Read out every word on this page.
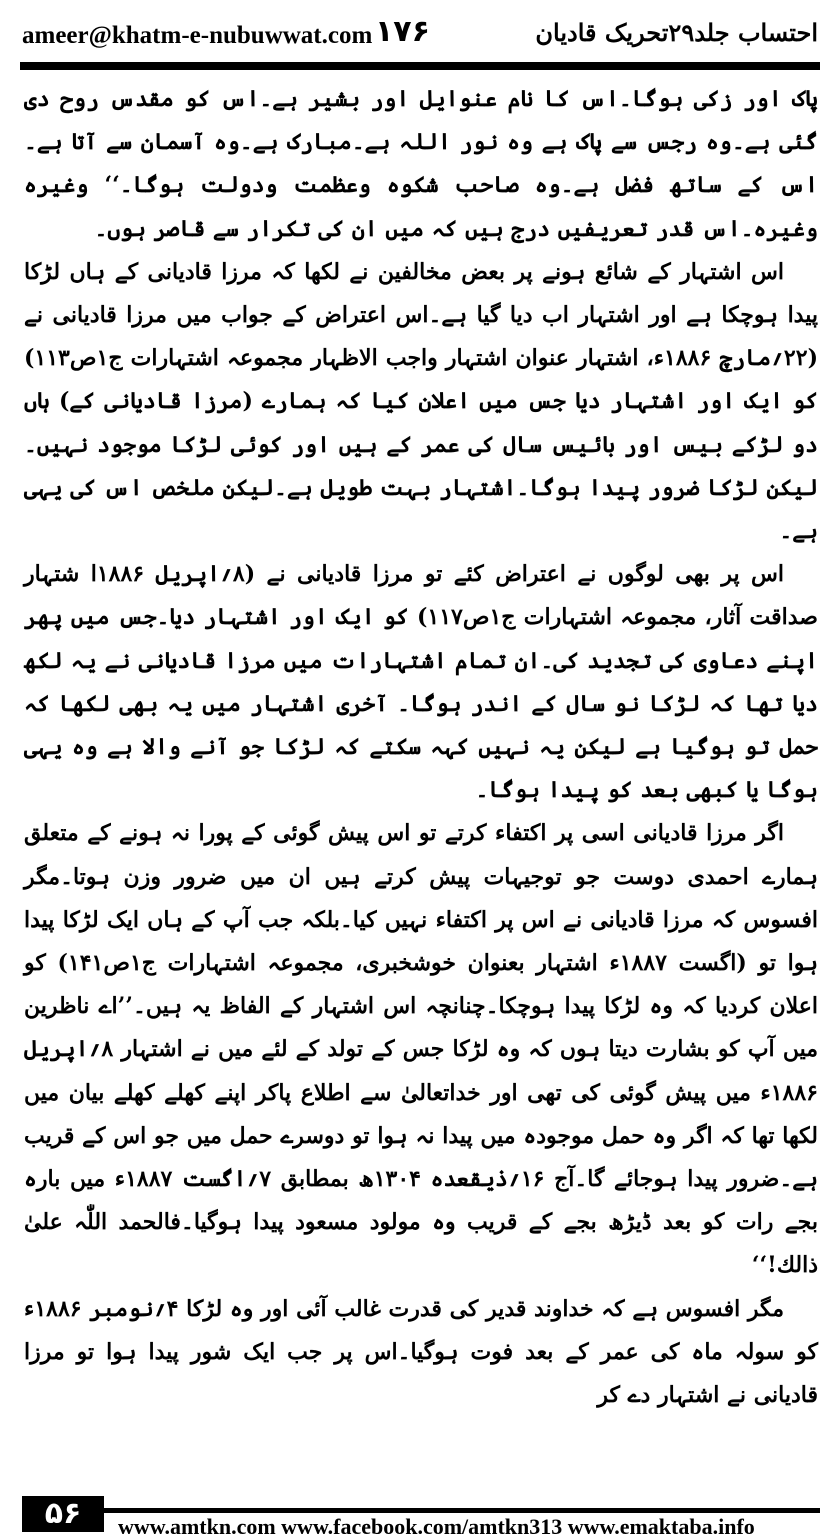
ameer@khatm-e-nubuwwat.com ۱۷۶	احتساب جلد۲۹تحریک قادیان

پاک اور زکی ہوگا۔اس کا نام عنوایل اور بشیر ہے۔اس کو مقدس روح دی گئی ہے۔وہ رجس سے پاک ہے وہ نور اللہ ہے۔مبارک ہے۔وہ آسمان سے آتا ہے۔اس کے ساتھ فضل ہے۔وہ صاحب شکوہ وعظمت ودولت ہوگا۔‘‘ وغیرہ وغیرہ۔اس قدر تعریفیں درج ہیں کہ میں ان کی تکرار سے قاصر ہوں۔

اس اشتہار کے شائع ہونے پر بعض مخالفین نے لکھا کہ مرزا قادیانی کے ہاں لڑکا پیدا ہوچکا ہے اور اشتہار اب دیا گیا ہے۔اس اعتراض کے جواب میں مرزا قادیانی نے (۲۲؍مارچ ۱۸۸۶ء، اشتہار عنوان اشتہار واجب الاظہار مجموعہ اشتہارات ج۱ص۱۱۳) کو ایک اور اشتہار دیا جس میں اعلان کیا کہ ہمارے (مرزا قادیانی کے) ہاں دو لڑکے بیس اور بائیس سال کی عمر کے ہیں اور کوئی لڑکا موجود نہیں۔لیکن لڑکا ضرور پیدا ہوگا۔اشتہار بہت طویل ہے۔لیکن ملخص اس کی یہی ہے۔

اس پر بھی لوگوں نے اعتراض کئے تو مرزا قادیانی نے (۸؍اپریل ۱۸۸۶ا شتہار صداقت آثار، مجموعہ اشتہارات ج۱ص۱۱۷) کو ایک اور اشتہار دیا۔جس میں پھر اپنے دعاوی کی تجدید کی۔ان تمام اشتہارات میں مرزا قادیانی نے یہ لکھ دیا تھا کہ لڑکا نو سال کے اندر ہوگا۔ آخری اشتہار میں یہ بھی لکھا کہ حمل تو ہوگیا ہے لیکن یہ نہیں کہہ سکتے کہ لڑکا جو آنے والا ہے وہ یہی ہوگا یا کبھی بعد کو پیدا ہوگا۔

اگر مرزا قادیانی اسی پر اکتفاء کرتے تو اس پیش گوئی کے پورا نہ ہونے کے متعلق ہمارے احمدی دوست جو توجیہات پیش کرتے ہیں ان میں ضرور وزن ہوتا۔مگر افسوس کہ مرزا قادیانی نے اس پر اکتفاء نہیں کیا۔بلکہ جب آپ کے ہاں ایک لڑکا پیدا ہوا تو (اگست ۱۸۸۷ء اشتہار بعنوان خوشخبری، مجموعہ اشتہارات ج۱ص۱۴۱) کو اعلان کردیا کہ وہ لڑکا پیدا ہوچکا۔چنانچہ اس اشتہار کے الفاظ یہ ہیں۔’’اے ناظرین میں آپ کو بشارت دیتا ہوں کہ وہ لڑکا جس کے تولد کے لئے میں نے اشتہار ۸؍اپریل ۱۸۸۶ء میں پیش گوئی کی تھی اور خداتعالیٰ سے اطلاع پاکر اپنے کھلے کھلے بیان میں لکھا تھا کہ اگر وہ حمل موجودہ میں پیدا نہ ہوا تو دوسرے حمل میں جو اس کے قریب ہے۔ضرور پیدا ہوجائے گا۔آج ۱۶؍ذیقعدہ ۱۳۰۴ھ بمطابق ۷؍اگست ۱۸۸۷ء میں بارہ بجے رات کو بعد ڈیڑھ بجے کے قریب وہ مولود مسعود پیدا ہوگیا۔فالحمد اللّٰہ علیٰ ذالك!‘‘

مگر افسوس ہے کہ خداوند قدیر کی قدرت غالب آئی اور وہ لڑکا ۴؍نومبر ۱۸۸۶ء کو سولہ ماہ کی عمر کے بعد فوت ہوگیا۔اس پر جب ایک شور پیدا ہوا تو مرزا قادیانی نے اشتہار دے کر

۵۶	www.amtkn.com www.facebook.com/amtkn313 www.emaktaba.info
